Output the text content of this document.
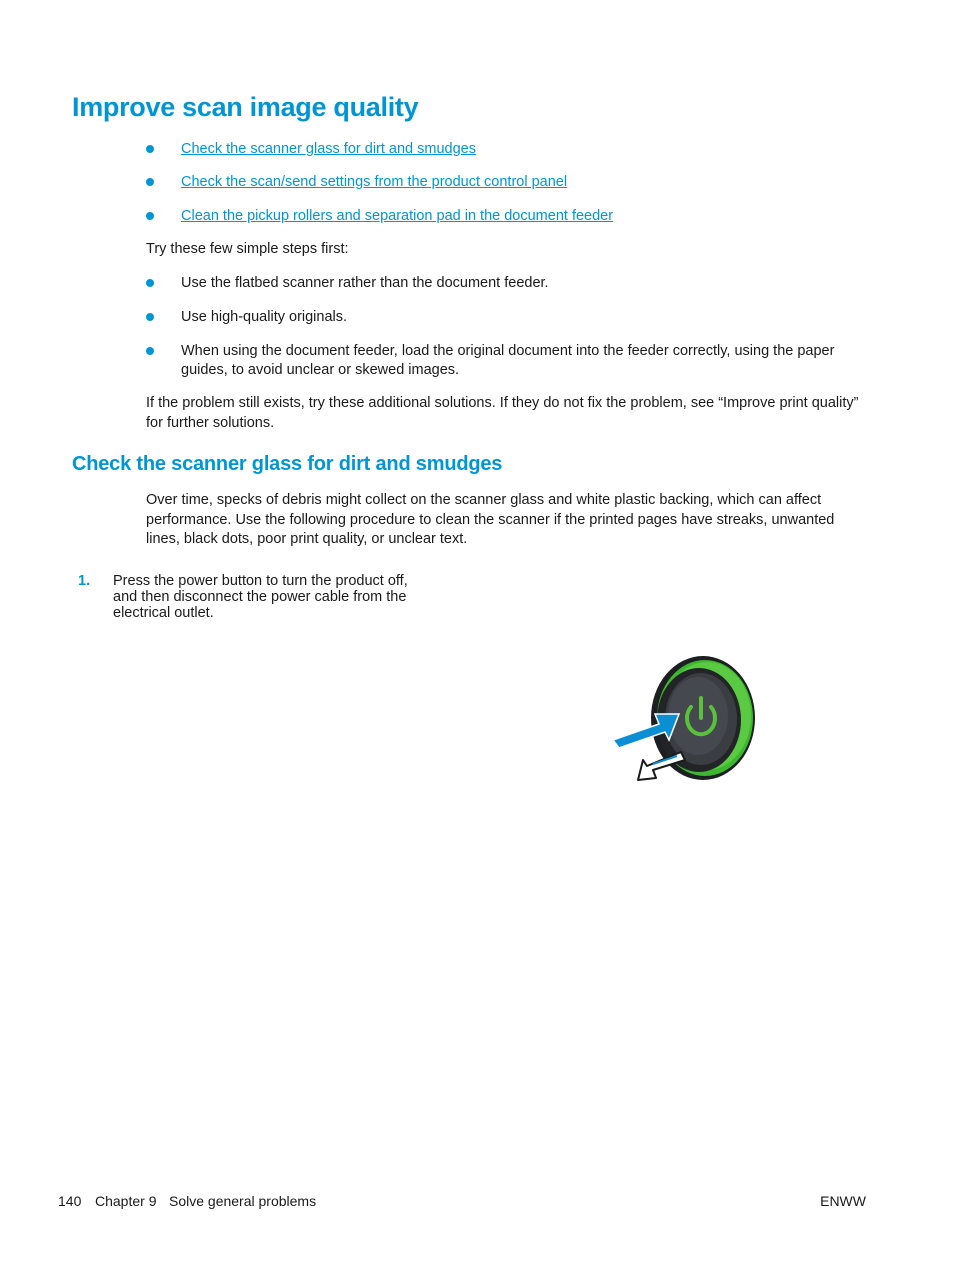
Improve scan image quality
Check the scanner glass for dirt and smudges
Check the scan/send settings from the product control panel
Clean the pickup rollers and separation pad in the document feeder
Try these few simple steps first:
Use the flatbed scanner rather than the document feeder.
Use high-quality originals.
When using the document feeder, load the original document into the feeder correctly, using the paper guides, to avoid unclear or skewed images.
If the problem still exists, try these additional solutions. If they do not fix the problem, see “Improve print quality” for further solutions.
Check the scanner glass for dirt and smudges
Over time, specks of debris might collect on the scanner glass and white plastic backing, which can affect performance. Use the following procedure to clean the scanner if the printed pages have streaks, unwanted lines, black dots, poor print quality, or unclear text.
1. Press the power button to turn the product off, and then disconnect the power cable from the electrical outlet.
140 Chapter 9 Solve general problems	ENWW
